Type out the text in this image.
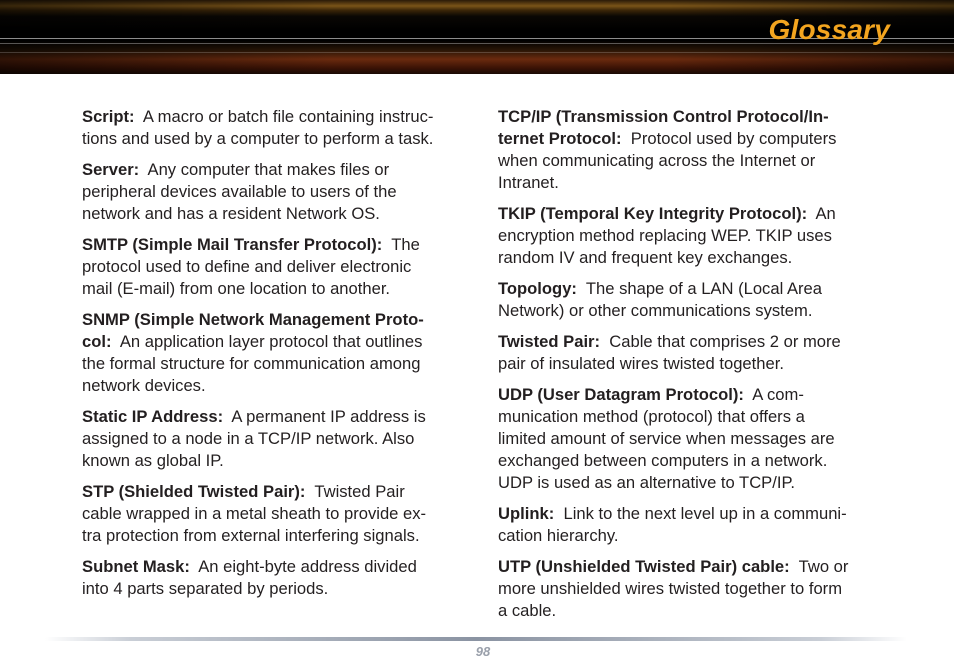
Glossary

Script: A macro or batch file containing instruc-
tions and used by a computer to perform a task.

Server: Any computer that makes files or
peripheral devices available to users of the
network and has a resident Network OS.

SMTP (Simple Mail Transfer Protocol): The
protocol used to define and deliver electronic
mail (E-mail) from one location to another.

SNMP (Simple Network Management Proto-
col: An application layer protocol that outlines
the formal structure for communication among
network devices.

Static IP Address: A permanent IP address is
assigned to a node in a TCP/IP network. Also
known as global IP.

STP (Shielded Twisted Pair): Twisted Pair
cable wrapped in a metal sheath to provide ex-
tra protection from external interfering signals.

Subnet Mask: An eight-byte address divided
into 4 parts separated by periods.

TCP/IP (Transmission Control Protocol/In-
ternet Protocol: Protocol used by computers
when communicating across the Internet or
Intranet.

TKIP (Temporal Key Integrity Protocol): An
encryption method replacing WEP. TKIP uses
random IV and frequent key exchanges.

Topology: The shape of a LAN (Local Area
Network) or other communications system.

Twisted Pair: Cable that comprises 2 or more
pair of insulated wires twisted together.

UDP (User Datagram Protocol): A com-
munication method (protocol) that offers a
limited amount of service when messages are
exchanged between computers in a network.
UDP is used as an alternative to TCP/IP.

Uplink: Link to the next level up in a communi-
cation hierarchy.

UTP (Unshielded Twisted Pair) cable: Two or
more unshielded wires twisted together to form
a cable.

98
